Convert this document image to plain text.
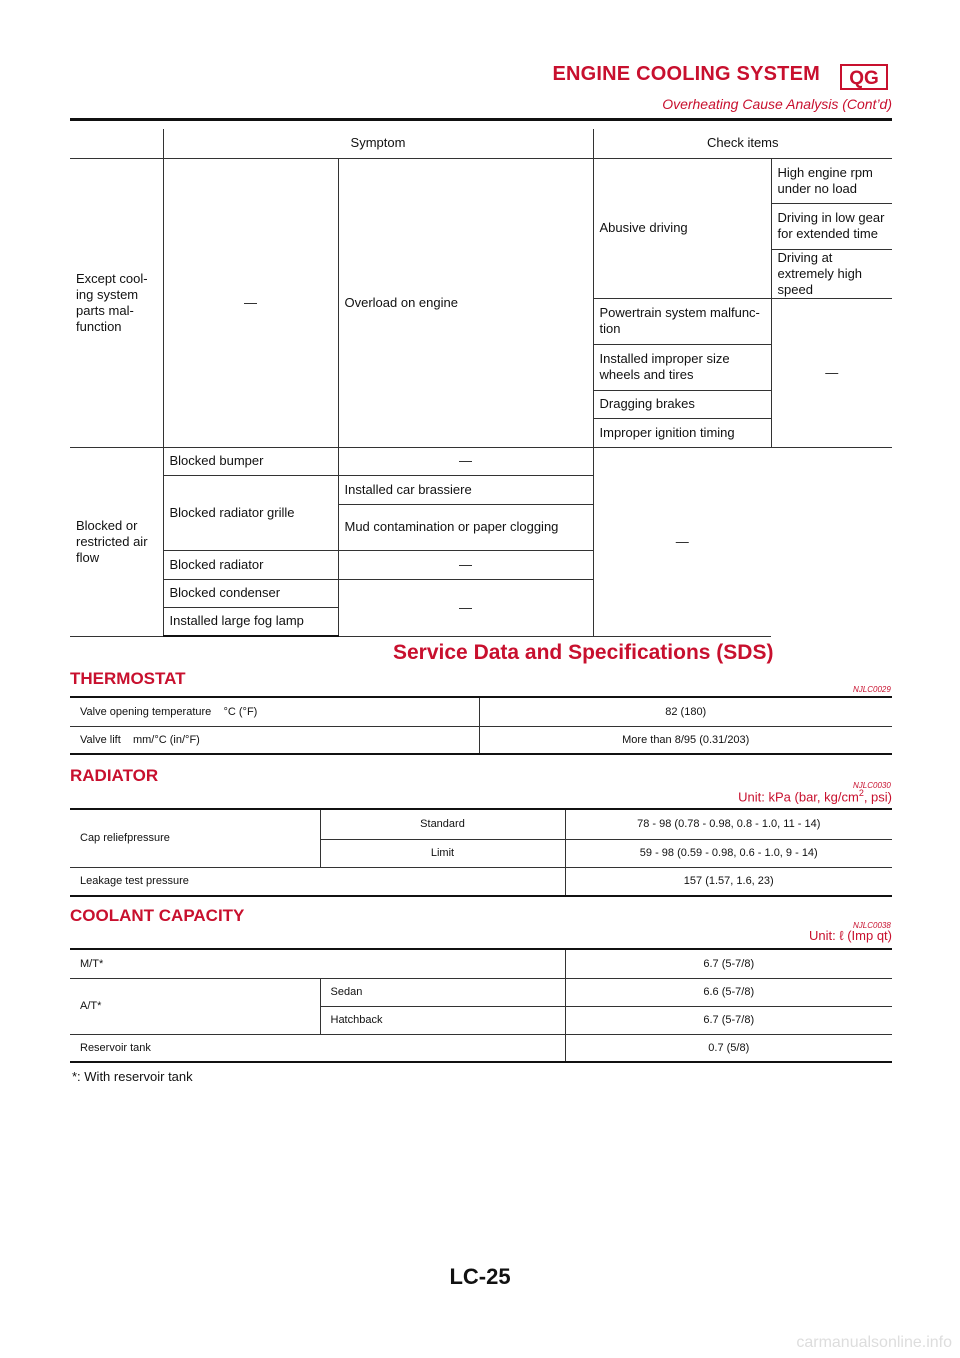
ENGINE COOLING SYSTEM	QG
Overheating Cause Analysis (Cont’d)
	Symptom		Check items	
Except cool-
ing system
parts mal-
function	—	Overload on engine	Abusive driving	High engine rpm under no load
				Driving in low gear for extended time
				Driving at extremely high speed
			Powertrain system malfunc-
tion	—
			Installed improper size wheels and tires	
			Dragging brakes	
			Improper ignition timing	
Blocked or restricted air flow	Blocked bumper	—	—	
	Blocked radiator grille	Installed car brassiere		
		Mud contamination or paper clogging		
	Blocked radiator	—		
	Blocked condenser	—		
	Installed large fog lamp			
Service Data and Specifications (SDS)
THERMOSTAT
NJLC0029
Valve opening temperature    °C (°F)	82 (180)
Valve lift    mm/°C (in/°F)	More than 8/95 (0.31/203)
RADIATOR
NJLC0030
Unit: kPa (bar, $kg/cm^2$, psi)
Cap reliefpressure	Standard	78 - 98 (0.78 - 0.98, 0.8 - 1.0, 11 - 14)
	Limit	59 - 98 (0.59 - 0.98, 0.6 - 1.0, 9 - 14)
Leakage test pressure		157 (1.57, 1.6, 23)
COOLANT CAPACITY
NJLC0038
Unit: ℓ (Imp qt)
M/T*		6.7 (5-7/8)
A/T*	Sedan	6.6 (5-7/8)
	Hatchback	6.7 (5-7/8)
Reservoir tank		0.7 (5/8)
*: With reservoir tank
LC-25
carmanualsonline.info
